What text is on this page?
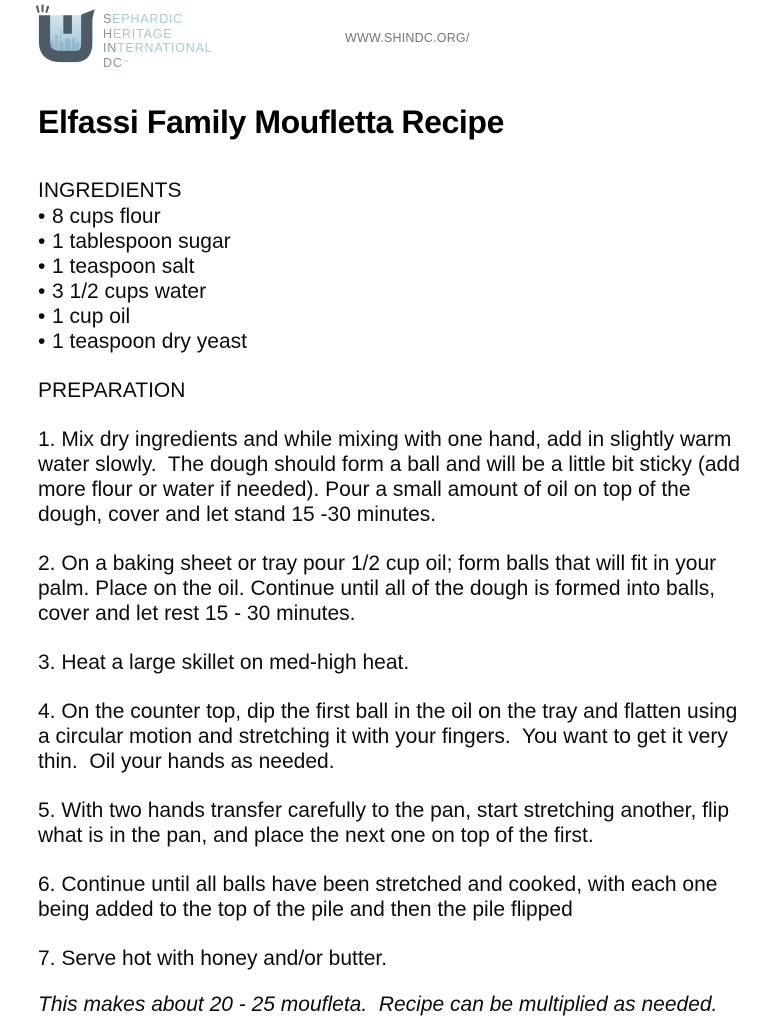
SEPHARDIC
HERITAGE
INTERNATIONAL
DC™
WWW.SHINDC.ORG/
Elfassi Family Moufletta Recipe
INGREDIENTS
• 8 cups flour
• 1 tablespoon sugar
• 1 teaspoon salt
• 3 1/2 cups water
• 1 cup oil
• 1 teaspoon dry yeast
PREPARATION

1. Mix dry ingredients and while mixing with one hand, add in slightly warm water slowly.  The dough should form a ball and will be a little bit sticky (add more flour or water if needed). Pour a small amount of oil on top of the dough, cover and let stand 15 -30 minutes.

2. On a baking sheet or tray pour 1/2 cup oil; form balls that will fit in your palm. Place on the oil. Continue until all of the dough is formed into balls, cover and let rest 15 - 30 minutes.

3. Heat a large skillet on med-high heat.

4. On the counter top, dip the first ball in the oil on the tray and flatten using a circular motion and stretching it with your fingers.  You want to get it very thin.  Oil your hands as needed.

5. With two hands transfer carefully to the pan, start stretching another, flip what is in the pan, and place the next one on top of the first.

6. Continue until all balls have been stretched and cooked, with each one being added to the top of the pile and then the pile flipped

7. Serve hot with honey and/or butter.

This makes about 20 - 25 moufleta.  Recipe can be multiplied as needed.
